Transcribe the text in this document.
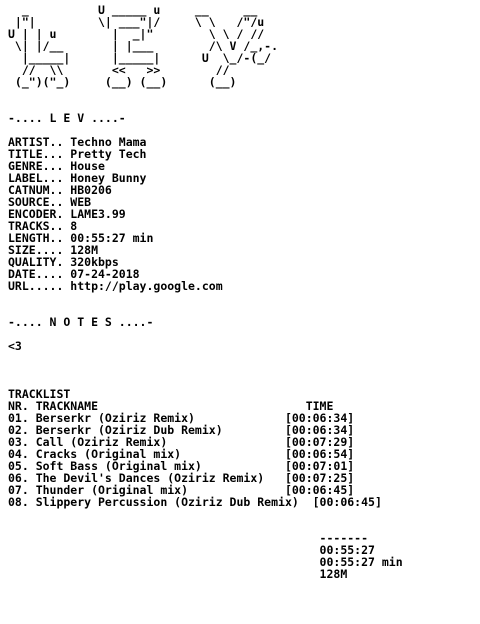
_          U _____ u     __     __
|"|         \| ___"|/     \ \   /"/u
U | | u        |  _|"        \ \ / //
\| |/__       | |___        /\ V /_,-.
|_____|      |_____|      U  \_/-(_/
//  \\       <<   >>        //
(_")("_)     (__) (__)      (__)
-.... L E V ....-
ARTIST.. Techno Mama
TITLE... Pretty Tech
GENRE... House
LABEL... Honey Bunny
CATNUM.. HB0206
SOURCE.. WEB
ENCODER. LAME3.99
TRACKS.. 8
LENGTH.. 00:55:27 min
SIZE.... 128M
QUALITY. 320kbps
DATE.... 07-24-2018
URL..... http://play.google.com
-.... N O T E S ....-
<3
TRACKLIST
NR. TRACKNAME                              TIME
01. Berserkr (Oziriz Remix)             [00:06:34]
02. Berserkr (Oziriz Dub Remix)         [00:06:34]
03. Call (Oziriz Remix)                 [00:07:29]
04. Cracks (Original mix)               [00:06:54]
05. Soft Bass (Original mix)            [00:07:01]
06. The Devil's Dances (Oziriz Remix)   [00:07:25]
07. Thunder (Original mix)              [00:06:45]
08. Slippery Percussion (Oziriz Dub Remix)  [00:06:45]
-------
00:55:27
00:55:27 min
128M
